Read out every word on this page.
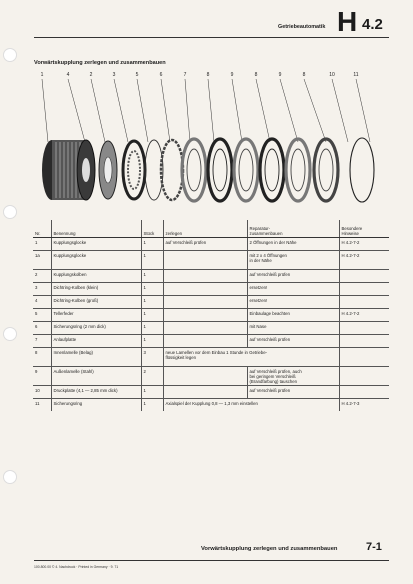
Getriebeautomatik H 4.2
Vorwärtskupplung zerlegen und zusammenbauen
1	4	2	3	5	6	7	8	9	8	9	8	10	11
Nr.	Benennung	Stück	zerlegen	Reparatur-
zusammenbauen	Besondere
Hinweise
1	Kupplungsglocke	1	auf Verschleiß prüfen	2 Öffnungen in der Nähe	H 4.2-7-2
1a	Kupplungsglocke	1		mit 2 x 4 Öffnungen
in der Nähe	H 4.2-7-2
2	Kupplungskolben	1		auf Verschleiß prüfen	
3	Dichtring-Kolben (klein)	1		ersetzen!	
4	Dichtring-Kolben (groß)	1		ersetzen!	
5	Tellerfeder	1		Einbaulage beachten	H 4.2-7-2
6	Sicherungsring (2 mm dick)	1		mit Nase	
7	Anlaufplatte	1		auf Verschleiß prüfen	
8	Innenlamelle (Belag)	3	neue Lamellen vor dem Einbau 1 Stunde in Getriebe-
flüssigkeit legen		
9	Außenlamelle (Stahl)	2		auf Verschleiß prüfen, auch
bei geringem Verschleiß
(Brandfarbung) tauschen	
10	Druckplatte (4,1 — 2,85 mm dick)	1		auf Verschleiß prüfen	
11	Sicherungsring	1	Axialspiel der Kupplung 0,8 — 1,3 mm einstellen		H 4.2-7-3
Vorwärtskupplung zerlegen und zusammenbauen	7-1
100.800.00 © 4. Nachdruck · Printed in Germany · 9. 71
